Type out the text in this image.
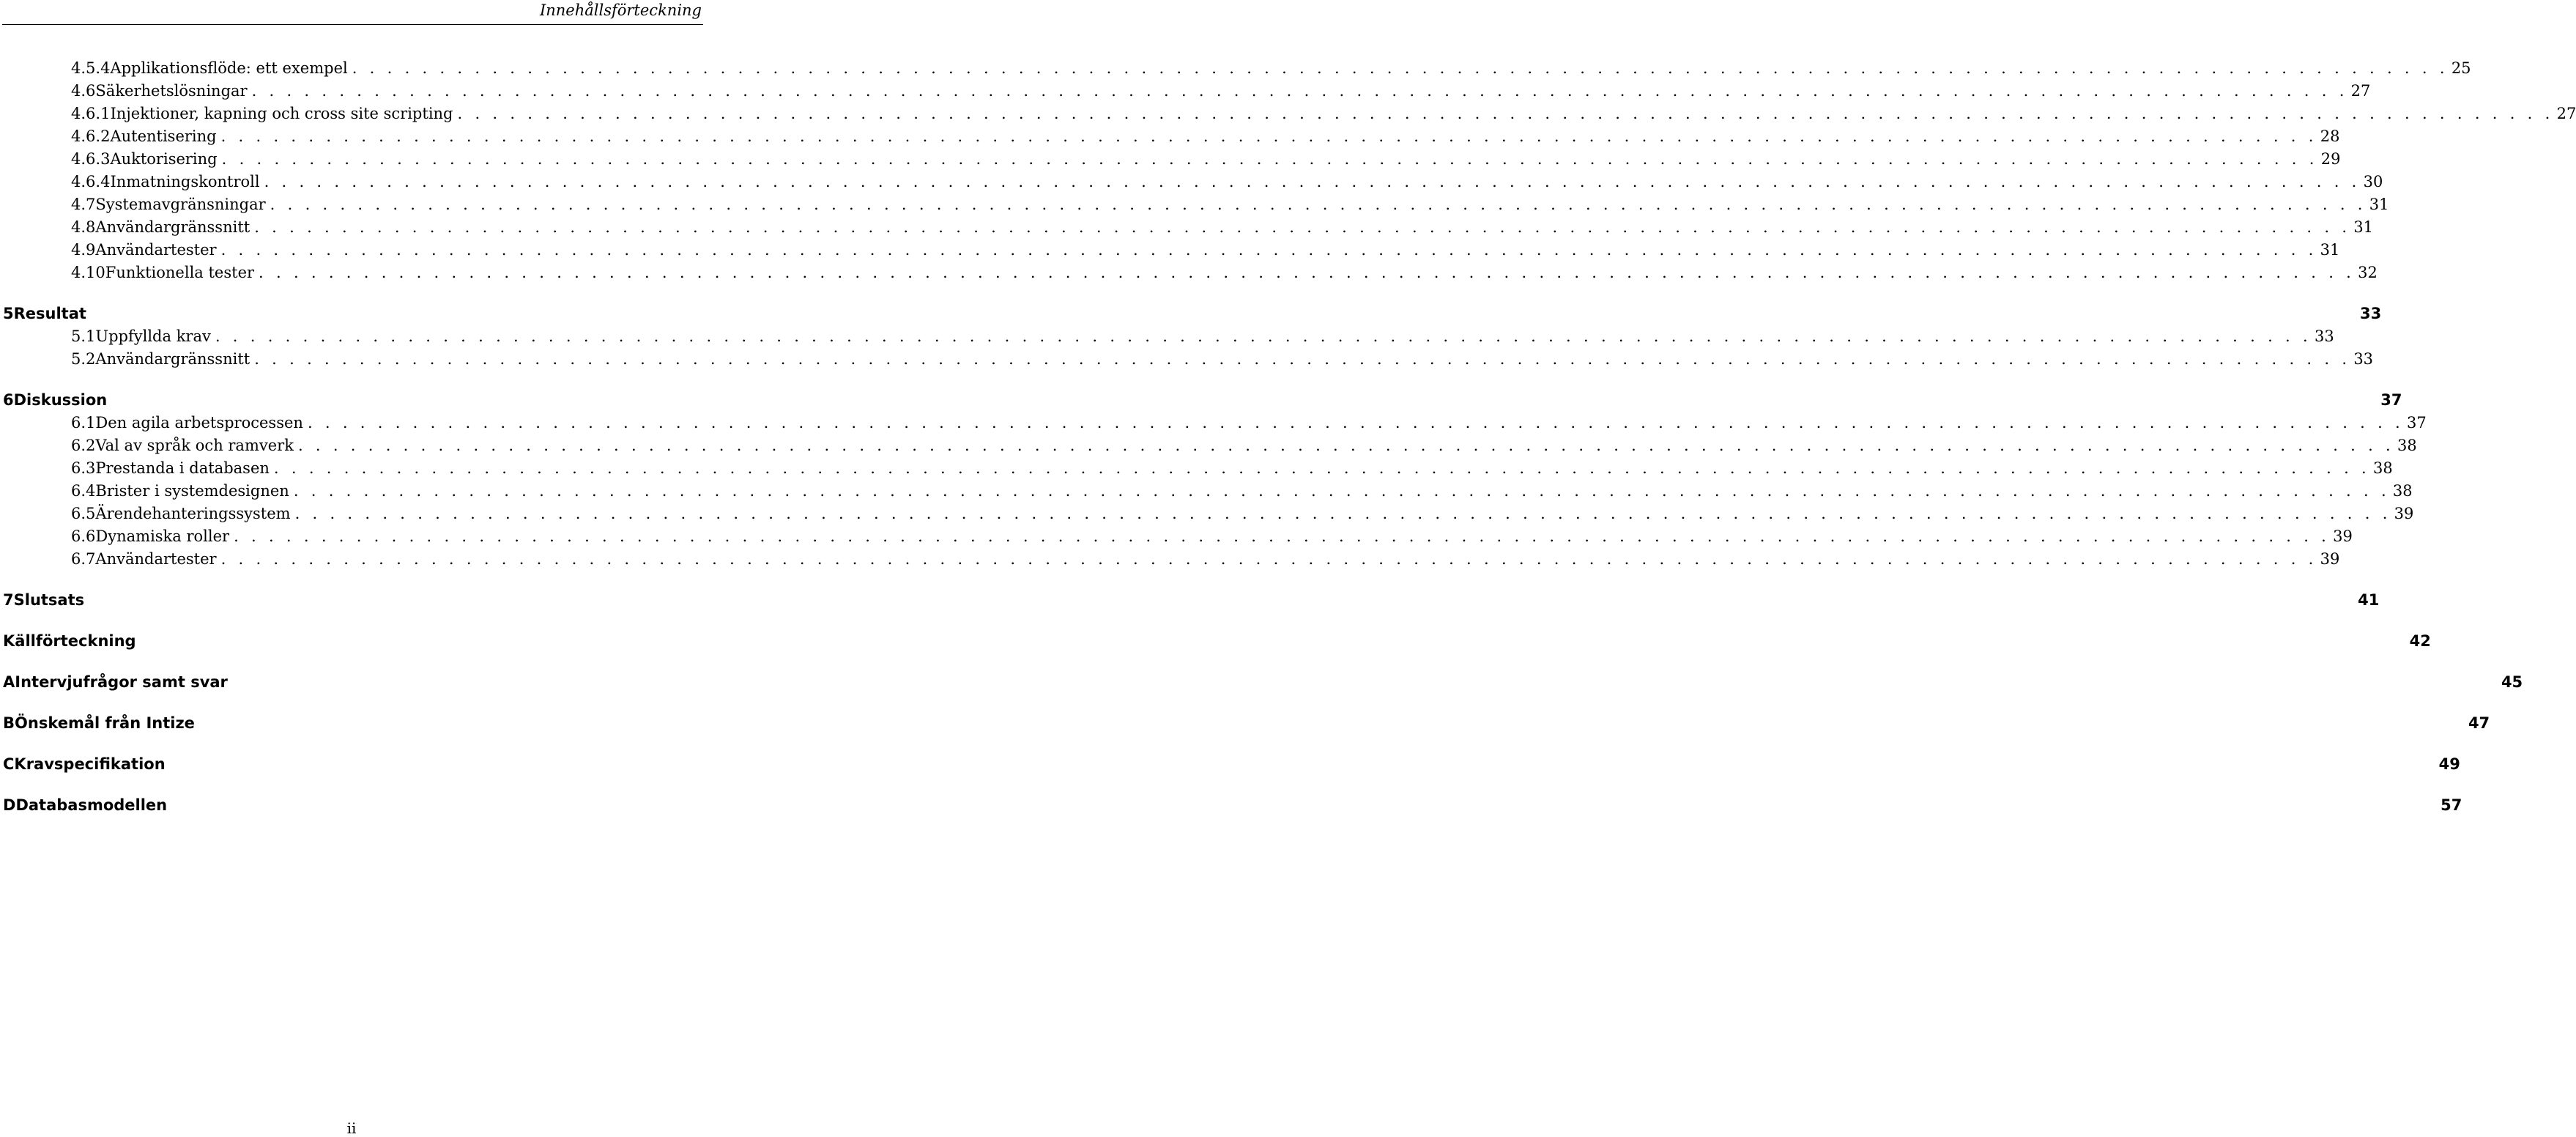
Innehållsförteckning
4.5.4 Applikationsflöde: ett exempel . . . . . . . . . . . . . . . . . . . . . . . . . . . . . . . . . . . . . . . . . . . . . . . . . . . . . . . . . . . . . . . . . . . . . . . . . . . . . . . . . . . . . . . . . . . . . . . . . . . . . . . . . . . . . . . . . . . . . . . . 25
4.6 Säkerhetslösningar . . . . . . . . . . . . . . . . . . . . . . . . . . . . . . . . . . . . . . . . . . . . . . . . . . . . . . . . . . . . . . . . . . . . . . . . . . . . . . . . . . . . . . . . . . . . . . . . . . . . . . . . . . . . . . . . . . . . . . . . 27
4.6.1 Injektioner, kapning och cross site scripting . . . . . . . . . . . . . . . . . . . . . . . . . . . . . . . . . . . . . . . . . . . . . . . . . . . . . . . . . . . . . . . . . . . . . . . . . . . . . . . . . . . . . . . . . . . . . . . . . . . . . . . . . . . . . . . . . . . . . . . . 27
4.6.2 Autentisering . . . . . . . . . . . . . . . . . . . . . . . . . . . . . . . . . . . . . . . . . . . . . . . . . . . . . . . . . . . . . . . . . . . . . . . . . . . . . . . . . . . . . . . . . . . . . . . . . . . . . . . . . . . . . . . . . . . . . . . . 28
4.6.3 Auktorisering . . . . . . . . . . . . . . . . . . . . . . . . . . . . . . . . . . . . . . . . . . . . . . . . . . . . . . . . . . . . . . . . . . . . . . . . . . . . . . . . . . . . . . . . . . . . . . . . . . . . . . . . . . . . . . . . . . . . . . . . 29
4.6.4 Inmatningskontroll . . . . . . . . . . . . . . . . . . . . . . . . . . . . . . . . . . . . . . . . . . . . . . . . . . . . . . . . . . . . . . . . . . . . . . . . . . . . . . . . . . . . . . . . . . . . . . . . . . . . . . . . . . . . . . . . . . . . . . . . 30
4.7 Systemavgränsningar . . . . . . . . . . . . . . . . . . . . . . . . . . . . . . . . . . . . . . . . . . . . . . . . . . . . . . . . . . . . . . . . . . . . . . . . . . . . . . . . . . . . . . . . . . . . . . . . . . . . . . . . . . . . . . . . . . . . . . . . 31
4.8 Användargränssnitt . . . . . . . . . . . . . . . . . . . . . . . . . . . . . . . . . . . . . . . . . . . . . . . . . . . . . . . . . . . . . . . . . . . . . . . . . . . . . . . . . . . . . . . . . . . . . . . . . . . . . . . . . . . . . . . . . . . . . . . . 31
4.9 Användartester . . . . . . . . . . . . . . . . . . . . . . . . . . . . . . . . . . . . . . . . . . . . . . . . . . . . . . . . . . . . . . . . . . . . . . . . . . . . . . . . . . . . . . . . . . . . . . . . . . . . . . . . . . . . . . . . . . . . . . . . 31
4.10 Funktionella tester . . . . . . . . . . . . . . . . . . . . . . . . . . . . . . . . . . . . . . . . . . . . . . . . . . . . . . . . . . . . . . . . . . . . . . . . . . . . . . . . . . . . . . . . . . . . . . . . . . . . . . . . . . . . . . . . . . . . . . . . 32
5 Resultat	33
5.1 Uppfyllda krav . . . . . . . . . . . . . . . . . . . . . . . . . . . . . . . . . . . . . . . . . . . . . . . . . . . . . . . . . . . . . . . . . . . . . . . . . . . . . . . . . . . . . . . . . . . . . . . . . . . . . . . . . . . . . . . . . . . . . . . . 33
5.2 Användargränssnitt . . . . . . . . . . . . . . . . . . . . . . . . . . . . . . . . . . . . . . . . . . . . . . . . . . . . . . . . . . . . . . . . . . . . . . . . . . . . . . . . . . . . . . . . . . . . . . . . . . . . . . . . . . . . . . . . . . . . . . . . 33
6 Diskussion	37
6.1 Den agila arbetsprocessen . . . . . . . . . . . . . . . . . . . . . . . . . . . . . . . . . . . . . . . . . . . . . . . . . . . . . . . . . . . . . . . . . . . . . . . . . . . . . . . . . . . . . . . . . . . . . . . . . . . . . . . . . . . . . . . . . . . . . . . . 37
6.2 Val av språk och ramverk . . . . . . . . . . . . . . . . . . . . . . . . . . . . . . . . . . . . . . . . . . . . . . . . . . . . . . . . . . . . . . . . . . . . . . . . . . . . . . . . . . . . . . . . . . . . . . . . . . . . . . . . . . . . . . . . . . . . . . . . 38
6.3 Prestanda i databasen . . . . . . . . . . . . . . . . . . . . . . . . . . . . . . . . . . . . . . . . . . . . . . . . . . . . . . . . . . . . . . . . . . . . . . . . . . . . . . . . . . . . . . . . . . . . . . . . . . . . . . . . . . . . . . . . . . . . . . . . 38
6.4 Brister i systemdesignen . . . . . . . . . . . . . . . . . . . . . . . . . . . . . . . . . . . . . . . . . . . . . . . . . . . . . . . . . . . . . . . . . . . . . . . . . . . . . . . . . . . . . . . . . . . . . . . . . . . . . . . . . . . . . . . . . . . . . . . . 38
6.5 Ärendehanteringssystem . . . . . . . . . . . . . . . . . . . . . . . . . . . . . . . . . . . . . . . . . . . . . . . . . . . . . . . . . . . . . . . . . . . . . . . . . . . . . . . . . . . . . . . . . . . . . . . . . . . . . . . . . . . . . . . . . . . . . . . . 39
6.6 Dynamiska roller . . . . . . . . . . . . . . . . . . . . . . . . . . . . . . . . . . . . . . . . . . . . . . . . . . . . . . . . . . . . . . . . . . . . . . . . . . . . . . . . . . . . . . . . . . . . . . . . . . . . . . . . . . . . . . . . . . . . . . . . 39
6.7 Användartester . . . . . . . . . . . . . . . . . . . . . . . . . . . . . . . . . . . . . . . . . . . . . . . . . . . . . . . . . . . . . . . . . . . . . . . . . . . . . . . . . . . . . . . . . . . . . . . . . . . . . . . . . . . . . . . . . . . . . . . . 39
7 Slutsats	41
Källförteckning	42
A Intervjufrågor samt svar	45
B Önskemål från Intize	47
C Kravspecifikation	49
D Databasmodellen	57
ii
